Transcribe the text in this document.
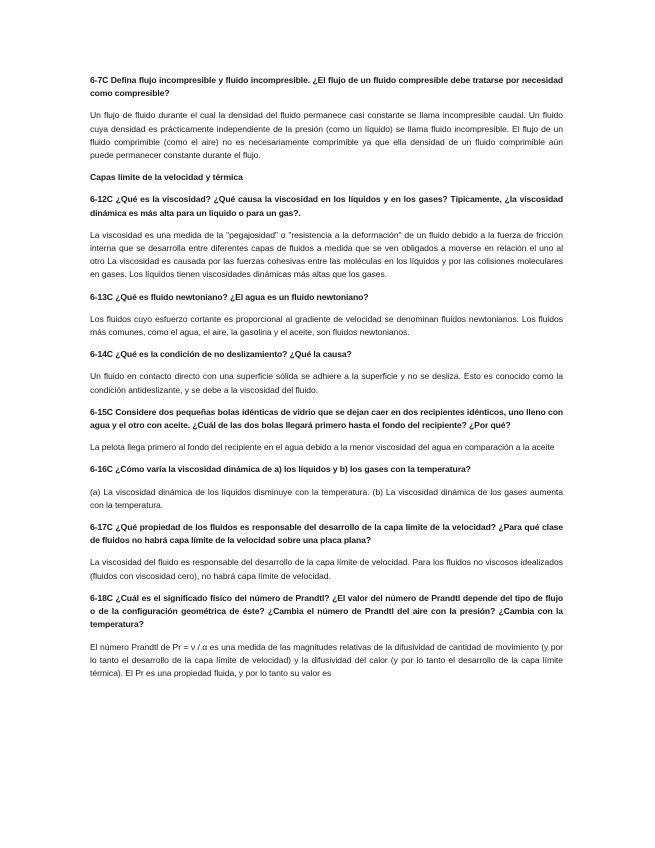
6-7C Defina flujo incompresible y fluido incompresible. ¿El flujo de un fluido compresible debe tratarse por necesidad como compresible?

Un flujo de fluido durante el cual la densidad del fluido permanece casi constante se llama incompresible caudal. Un fluido cuya densidad es prácticamente independiente de la presión (como un líquido) se llama fluido incompresible. El flujo de un fluido comprimible (como el aire) no es necesariamente comprimible ya que ella densidad de un fluido comprimible aún puede permanecer constante durante el flujo.

Capas límite de la velocidad y térmica

6-12C ¿Qué es la viscosidad? ¿Qué causa la viscosidad en los líquidos y en los gases? Típicamente, ¿la viscosidad dinámica es más alta para un líquido o para un gas?.

La viscosidad es una medida de la "pegajosidad" o "resistencia a la deformación" de un fluido debido a la fuerza de fricción interna que se desarrolla entre diferentes capas de fluidos a medida que se ven obligados a moverse en relación el uno al otro La viscosidad es causada por las fuerzas cohesivas entre las moléculas en los líquidos y por las colisiones moleculares en gases. Los líquidos tienen viscosidades dinámicas más altas que los gases.

6-13C ¿Qué es fluido newtoniano? ¿El agua es un fluido newtoniano?

Los fluidos cuyo esfuerzo cortante es proporcional al gradiente de velocidad se denominan fluidos newtonianos. Los fluidos más comunes, como el agua, el aire, la gasolina y el aceite, son fluidos newtonianos.

6-14C ¿Qué es la condición de no deslizamiento? ¿Qué la causa?

Un fluido en contacto directo con una superficie sólida se adhiere a la superficie y no se desliza. Esto es conocido como la condición antideslizante, y se debe a la viscosidad del fluido.

6-15C Considere dos pequeñas bolas idénticas de vidrio que se dejan caer en dos recipientes idénticos, uno lleno con agua y el otro con aceite. ¿Cuál de las dos bolas llegará primero hasta el fondo del recipiente? ¿Por qué?

La pelota llega primero al fondo del recipiente en el agua debido a la menor viscosidad del agua en comparación a la aceite

6-16C ¿Cómo varía la viscosidad dinámica de a) los líquidos y b) los gases con la temperatura?

(a) La viscosidad dinámica de los líquidos disminuye con la temperatura. (b) La viscosidad dinámica de los gases aumenta con la temperatura.

6-17C ¿Qué propiedad de los fluidos es responsable del desarrollo de la capa límite de la velocidad? ¿Para qué clase de fluidos no habrá capa límite de la velocidad sobre una placa plana?

La viscosidad del fluido es responsable del desarrollo de la capa límite de velocidad. Para los fluidos no viscosos idealizados (fluidos con viscosidad cero), no habrá capa límite de velocidad.

6-18C ¿Cuál es el significado físico del número de Prandtl? ¿El valor del número de Prandtl depende del tipo de flujo o de la configuración geométrica de éste? ¿Cambia el número de Prandtl del aire con la presión? ¿Cambia con la temperatura?

El número Prandtl de Pr = ν / α es una medida de las magnitudes relativas de la difusividad de cantidad de movimiento (y por lo tanto el desarrollo de la capa límite de velocidad) y la difusividad del calor (y por lo tanto el desarrollo de la capa límite térmica). El Pr es una propiedad fluida, y por lo tanto su valor es
